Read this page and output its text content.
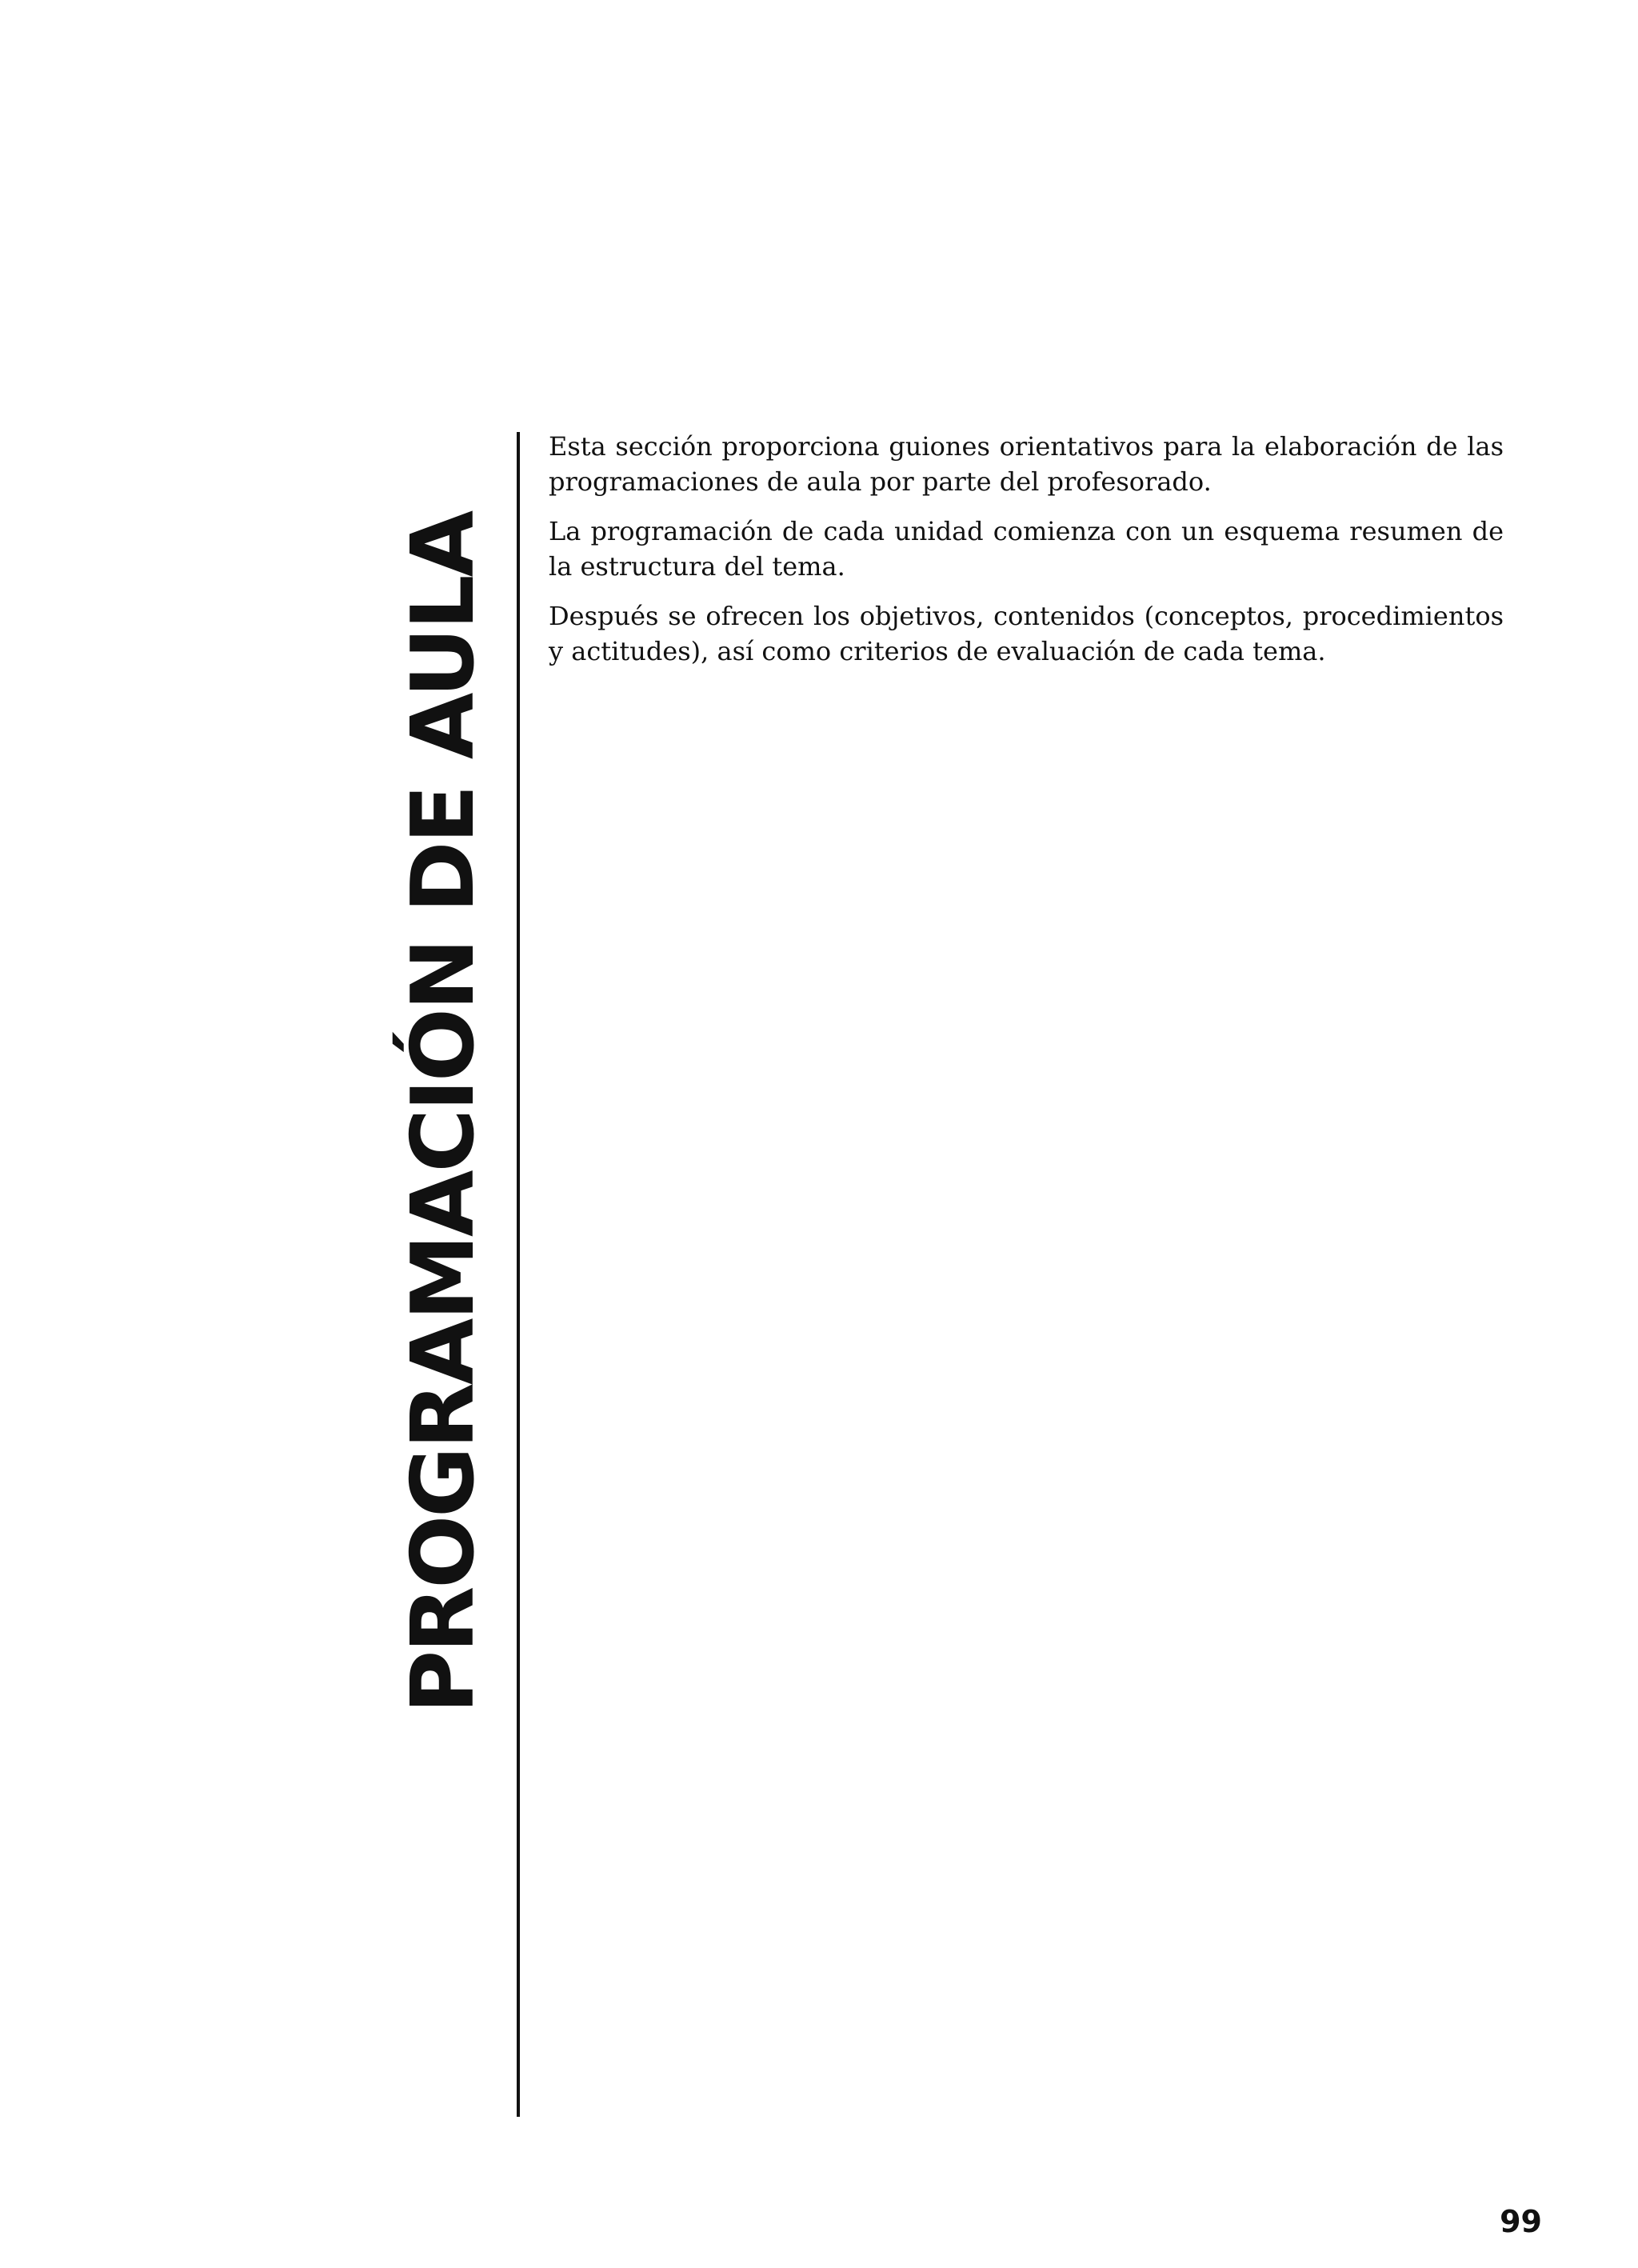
PROGRAMACIÓN DE AULA

Esta sección proporciona guiones orientativos para la elaboración de las programaciones de aula por parte del profesorado.

La programación de cada unidad comienza con un esquema resumen de la estructura del tema.

Después se ofrecen los objetivos, contenidos (conceptos, procedimientos y actitudes), así como criterios de evaluación de cada tema.

99
